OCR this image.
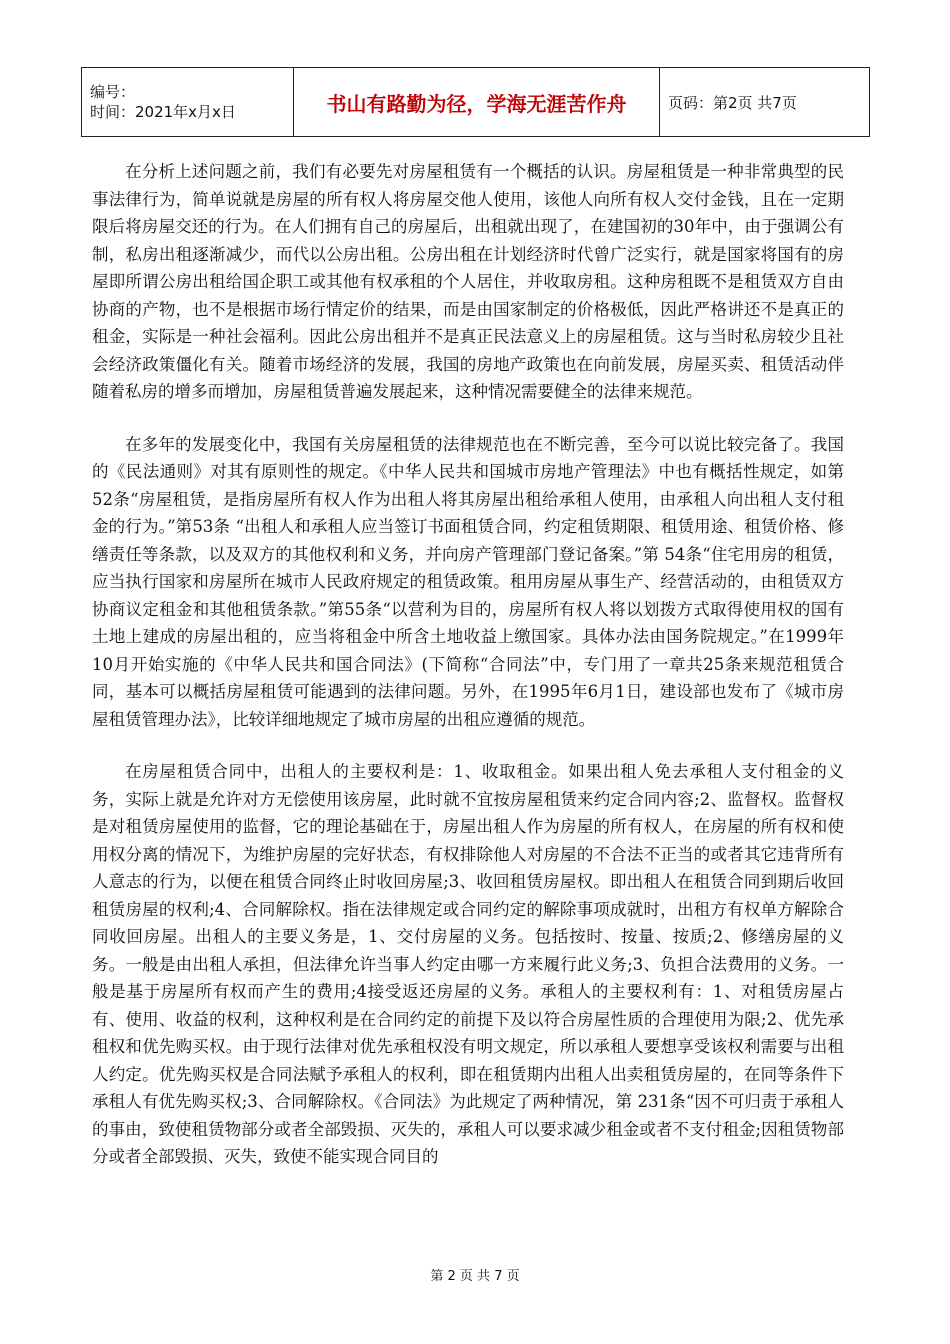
编号：
时间：2021年x月x日	书山有路勤为径，学海无涯苦作舟	页码：第2页 共7页

在分析上述问题之前，我们有必要先对房屋租赁有一个概括的认识。房屋租赁是一种非常典型的民事法律行为，简单说就是房屋的所有权人将房屋交他人使用，该他人向所有权人交付金钱，且在一定期限后将房屋交还的行为。在人们拥有自己的房屋后，出租就出现了，在建国初的30年中，由于强调公有制，私房出租逐渐减少，而代以公房出租。公房出租在计划经济时代曾广泛实行，就是国家将国有的房屋即所谓公房出租给国企职工或其他有权承租的个人居住，并收取房租。这种房租既不是租赁双方自由协商的产物，也不是根据市场行情定价的结果，而是由国家制定的价格极低，因此严格讲还不是真正的租金，实际是一种社会福利。因此公房出租并不是真正民法意义上的房屋租赁。这与当时私房较少且社会经济政策僵化有关。随着市场经济的发展，我国的房地产政策也在向前发展，房屋买卖、租赁活动伴随着私房的增多而增加，房屋租赁普遍发展起来，这种情况需要健全的法律来规范。

在多年的发展变化中，我国有关房屋租赁的法律规范也在不断完善，至今可以说比较完备了。我国的《民法通则》对其有原则性的规定。《中华人民共和国城市房地产管理法》中也有概括性规定，如第52条“房屋租赁，是指房屋所有权人作为出租人将其房屋出租给承租人使用，由承租人向出租人支付租金的行为。”第53条 “出租人和承租人应当签订书面租赁合同，约定租赁期限、租赁用途、租赁价格、修缮责任等条款，以及双方的其他权利和义务，并向房产管理部门登记备案。”第 54条“住宅用房的租赁，应当执行国家和房屋所在城市人民政府规定的租赁政策。租用房屋从事生产、经营活动的，由租赁双方协商议定租金和其他租赁条款。”第55条“以营利为目的，房屋所有权人将以划拨方式取得使用权的国有土地上建成的房屋出租的，应当将租金中所含土地收益上缴国家。具体办法由国务院规定。”在1999年10月开始实施的《中华人民共和国合同法》(下简称“合同法”中，专门用了一章共25条来规范租赁合同，基本可以概括房屋租赁可能遇到的法律问题。另外，在1995年6月1日，建设部也发布了《城市房屋租赁管理办法》，比较详细地规定了城市房屋的出租应遵循的规范。

在房屋租赁合同中，出租人的主要权利是：1、收取租金。如果出租人免去承租人支付租金的义务，实际上就是允许对方无偿使用该房屋，此时就不宜按房屋租赁来约定合同内容;2、监督权。监督权是对租赁房屋使用的监督，它的理论基础在于，房屋出租人作为房屋的所有权人，在房屋的所有权和使用权分离的情况下，为维护房屋的完好状态，有权排除他人对房屋的不合法不正当的或者其它违背所有人意志的行为，以便在租赁合同终止时收回房屋;3、收回租赁房屋权。即出租人在租赁合同到期后收回租赁房屋的权利;4、合同解除权。指在法律规定或合同约定的解除事项成就时，出租方有权单方解除合同收回房屋。出租人的主要义务是，1、交付房屋的义务。包括按时、按量、按质;2、修缮房屋的义务。一般是由出租人承担，但法律允许当事人约定由哪一方来履行此义务;3、负担合法费用的义务。一般是基于房屋所有权而产生的费用;4接受返还房屋的义务。承租人的主要权利有：1、对租赁房屋占有、使用、收益的权利，这种权利是在合同约定的前提下及以符合房屋性质的合理使用为限;2、优先承租权和优先购买权。由于现行法律对优先承租权没有明文规定，所以承租人要想享受该权利需要与出租人约定。优先购买权是合同法赋予承租人的权利，即在租赁期内出租人出卖租赁房屋的，在同等条件下承租人有优先购买权;3、合同解除权。《合同法》为此规定了两种情况，第 231条“因不可归责于承租人的事由，致使租赁物部分或者全部毁损、灭失的，承租人可以要求减少租金或者不支付租金;因租赁物部分或者全部毁损、灭失，致使不能实现合同目的

第 2 页 共 7 页
